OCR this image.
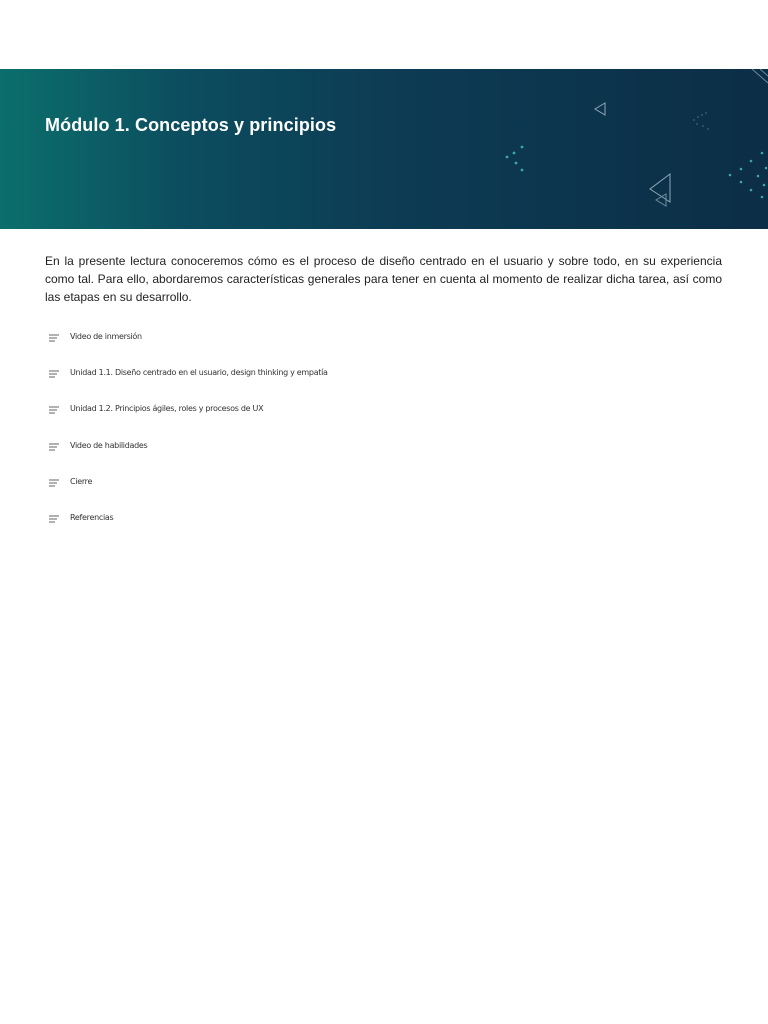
Módulo 1. Conceptos y principios

En la presente lectura conoceremos cómo es el proceso de diseño centrado en el usuario y sobre todo, en su experiencia como tal. Para ello, abordaremos características generales para tener en cuenta al momento de realizar dicha tarea, así como las etapas en su desarrollo.

Video de inmersión
Unidad 1.1. Diseño centrado en el usuario, design thinking y empatía
Unidad 1.2. Principios ágiles, roles y procesos de UX
Video de habilidades
Cierre
Referencias
